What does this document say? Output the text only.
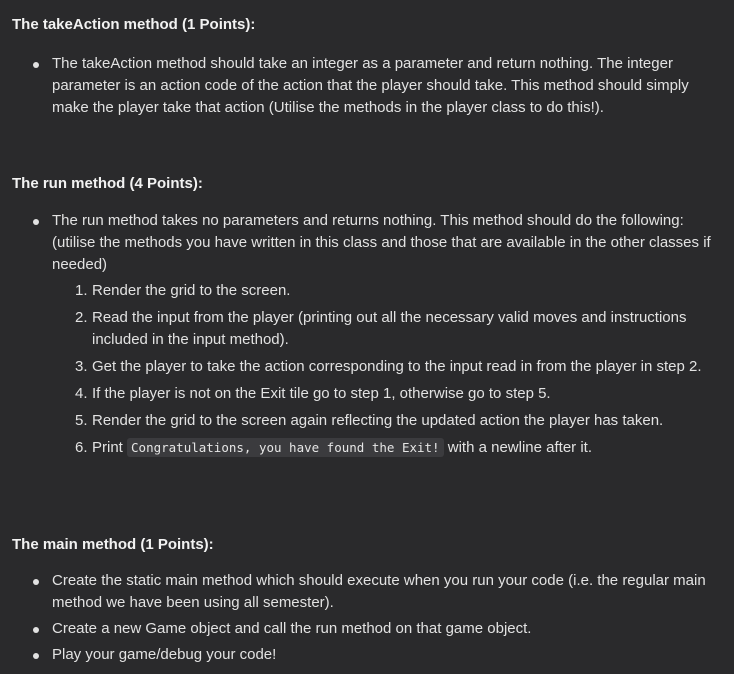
The takeAction method (1 Points):
The takeAction method should take an integer as a parameter and return nothing. The integer parameter is an action code of the action that the player should take. This method should simply make the player take that action (Utilise the methods in the player class to do this!).
The run method (4 Points):
The run method takes no parameters and returns nothing. This method should do the following: (utilise the methods you have written in this class and those that are available in the other classes if needed)
1. Render the grid to the screen.
2. Read the input from the player (printing out all the necessary valid moves and instructions included in the input method).
3. Get the player to take the action corresponding to the input read in from the player in step 2.
4. If the player is not on the Exit tile go to step 1, otherwise go to step 5.
5. Render the grid to the screen again reflecting the updated action the player has taken.
6. Print Congratulations, you have found the Exit! with a newline after it.
The main method (1 Points):
Create the static main method which should execute when you run your code (i.e. the regular main method we have been using all semester).
Create a new Game object and call the run method on that game object.
Play your game/debug your code!
